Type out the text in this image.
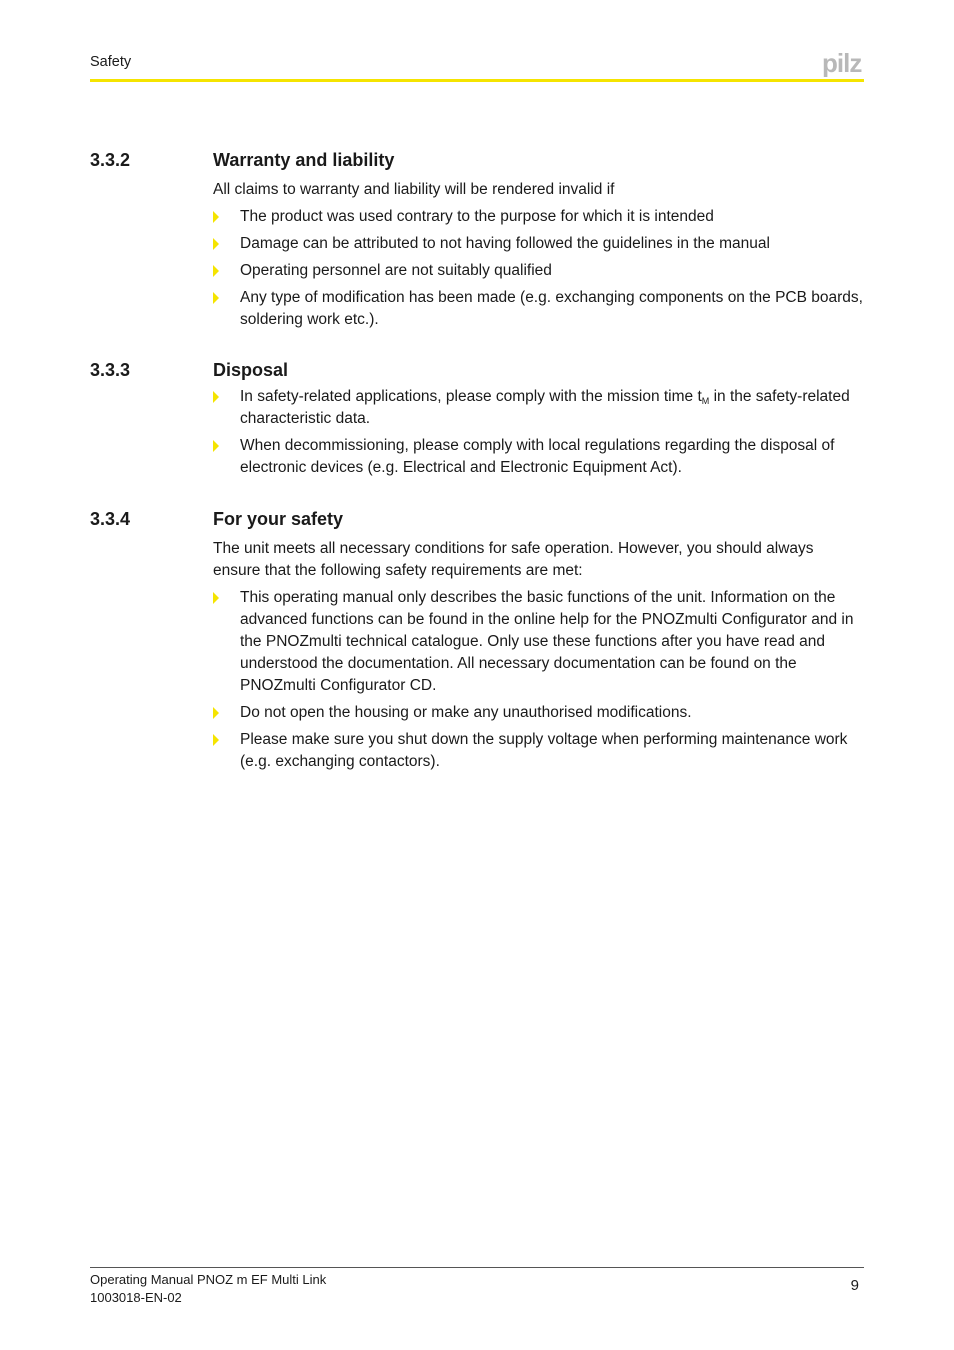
Safety	pilz
3.3.2	Warranty and liability

All claims to warranty and liability will be rendered invalid if

The product was used contrary to the purpose for which it is intended
Damage can be attributed to not having followed the guidelines in the manual
Operating personnel are not suitably qualified
Any type of modification has been made (e.g. exchanging components on the PCB boards, soldering work etc.).
3.3.3	Disposal
In safety-related applications, please comply with the mission time $t_M$ in the safety-related characteristic data.
When decommissioning, please comply with local regulations regarding the disposal of electronic devices (e.g. Electrical and Electronic Equipment Act).
3.3.4	For your safety

The unit meets all necessary conditions for safe operation. However, you should always ensure that the following safety requirements are met:

This operating manual only describes the basic functions of the unit. Information on the advanced functions can be found in the online help for the PNOZmulti Configurator and in the PNOZmulti technical catalogue. Only use these functions after you have read and understood the documentation. All necessary documentation can be found on the PNOZmulti Configurator CD.
Do not open the housing or make any unauthorised modifications.
Please make sure you shut down the supply voltage when performing maintenance work (e.g. exchanging contactors).
Operating Manual PNOZ m EF Multi Link
1003018-EN-02
9
